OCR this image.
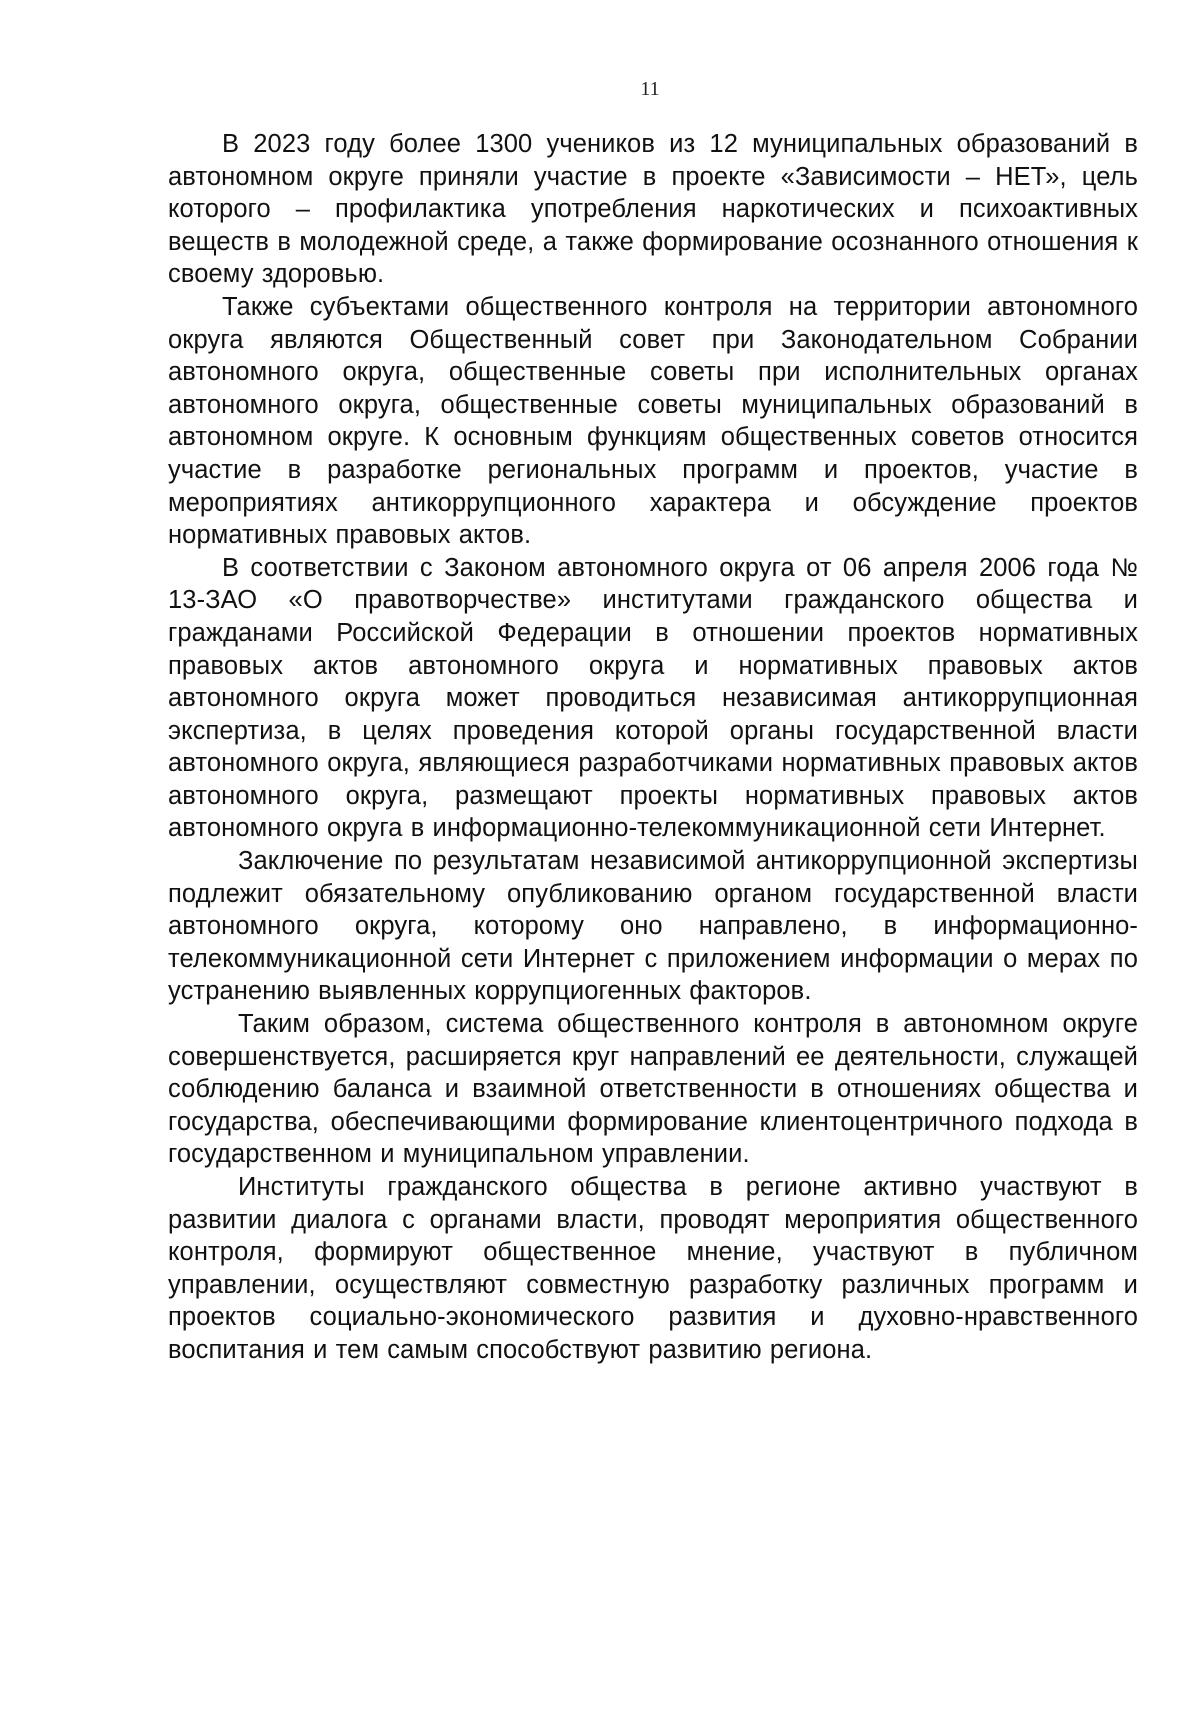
11

В 2023 году более 1300 учеников из 12 муниципальных образований в автономном округе приняли участие в проекте «Зависимости – НЕТ», цель которого – профилактика употребления наркотических и психоактивных веществ в молодежной среде, а также формирование осознанного отношения к своему здоровью.

Также субъектами общественного контроля на территории автономного округа являются Общественный совет при Законодательном Собрании автономного округа, общественные советы при исполнительных органах автономного округа, общественные советы муниципальных образований в автономном округе. К основным функциям общественных советов относится участие в разработке региональных программ и проектов, участие в мероприятиях антикоррупционного характера и обсуждение проектов нормативных правовых актов.

В соответствии с Законом автономного округа от 06 апреля 2006 года № 13-ЗАО «О правотворчестве» институтами гражданского общества и гражданами Российской Федерации в отношении проектов нормативных правовых актов автономного округа и нормативных правовых актов автономного округа может проводиться независимая антикоррупционная экспертиза, в целях проведения которой органы государственной власти автономного округа, являющиеся разработчиками нормативных правовых актов автономного округа, размещают проекты нормативных правовых актов автономного округа в информационно-телекоммуникационной сети Интернет.

Заключение по результатам независимой антикоррупционной экспертизы подлежит обязательному опубликованию органом государственной власти автономного округа, которому оно направлено, в информационно-телекоммуникационной сети Интернет с приложением информации о мерах по устранению выявленных коррупциогенных факторов.

Таким образом, система общественного контроля в автономном округе совершенствуется, расширяется круг направлений ее деятельности, служащей соблюдению баланса и взаимной ответственности в отношениях общества и государства, обеспечивающими формирование клиентоцентричного подхода в государственном и муниципальном управлении.

Институты гражданского общества в регионе активно участвуют в развитии диалога с органами власти, проводят мероприятия общественного контроля, формируют общественное мнение, участвуют в публичном управлении, осуществляют совместную разработку различных программ и проектов социально-экономического развития и духовно-нравственного воспитания и тем самым способствуют развитию региона.
